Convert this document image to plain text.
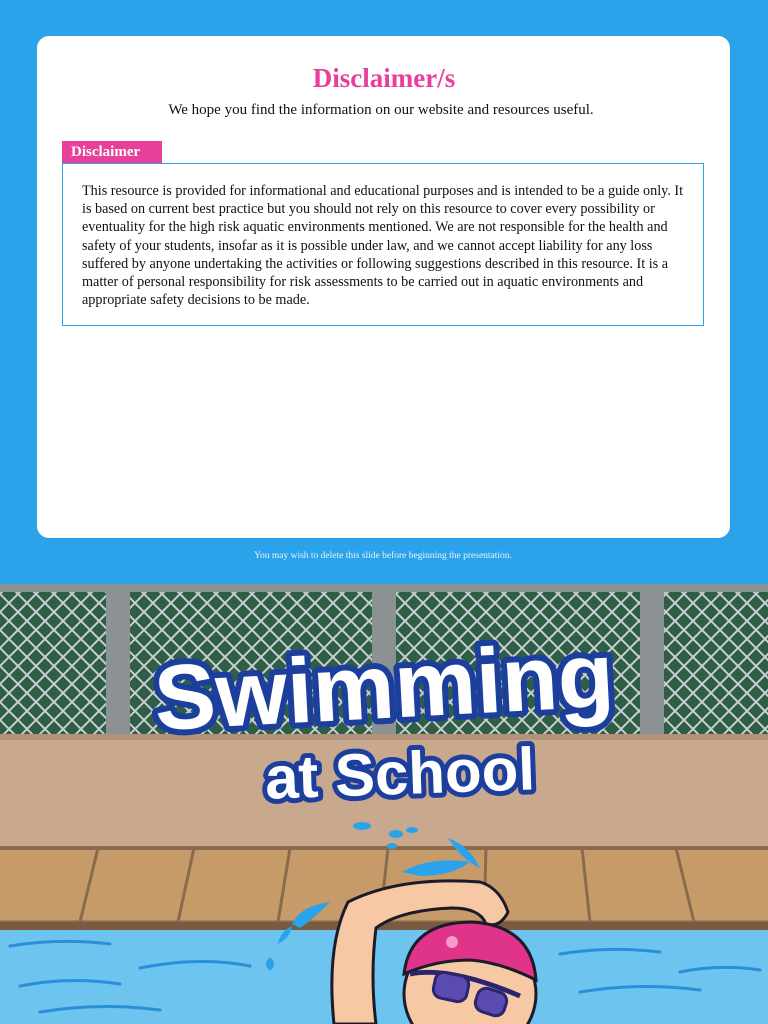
Disclaimer/s

We hope you find the information on our website and resources useful.

Disclaimer

This resource is provided for informational and educational purposes and is intended to be a guide only. It is based on current best practice but you should not rely on this resource to cover every possibility or eventuality for the high risk aquatic environments mentioned. We are not responsible for the health and safety of your students, insofar as it is possible under law, and we cannot accept liability for any loss suffered by anyone undertaking the activities or following suggestions described in this resource. It is a matter of personal responsibility for risk assessments to be carried out in aquatic environments and appropriate safety decisions to be made.

You may wish to delete this slide before beginning the presentation.

Swimming
at School
